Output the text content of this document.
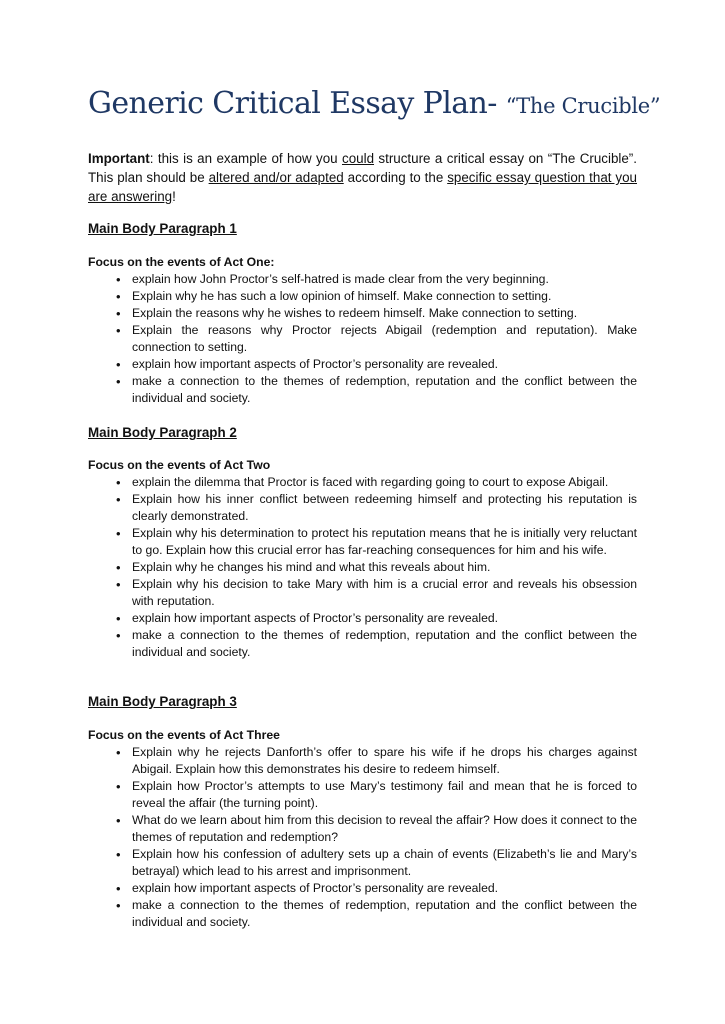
Generic Critical Essay Plan- “The Crucible”
Important: this is an example of how you could structure a critical essay on “The Crucible”. This plan should be altered and/or adapted according to the specific essay question that you are answering!
Main Body Paragraph 1
Focus on the events of Act One:
• explain how John Proctor’s self-hatred is made clear from the very beginning.
• Explain why he has such a low opinion of himself. Make connection to setting.
• Explain the reasons why he wishes to redeem himself. Make connection to setting.
• Explain the reasons why Proctor rejects Abigail (redemption and reputation). Make connection to setting.
• explain how important aspects of Proctor’s personality are revealed.
• make a connection to the themes of redemption, reputation and the conflict between the individual and society.
Main Body Paragraph 2
Focus on the events of Act Two
• explain the dilemma that Proctor is faced with regarding going to court to expose Abigail.
• Explain how his inner conflict between redeeming himself and protecting his reputation is clearly demonstrated.
• Explain why his determination to protect his reputation means that he is initially very reluctant to go. Explain how this crucial error has far-reaching consequences for him and his wife.
• Explain why he changes his mind and what this reveals about him.
• Explain why his decision to take Mary with him is a crucial error and reveals his obsession with reputation.
• explain how important aspects of Proctor’s personality are revealed.
• make a connection to the themes of redemption, reputation and the conflict between the individual and society.
Main Body Paragraph 3
Focus on the events of Act Three
• Explain why he rejects Danforth’s offer to spare his wife if he drops his charges against Abigail. Explain how this demonstrates his desire to redeem himself.
• Explain how Proctor’s attempts to use Mary’s testimony fail and mean that he is forced to reveal the affair (the turning point).
• What do we learn about him from this decision to reveal the affair? How does it connect to the themes of reputation and redemption?
• Explain how his confession of adultery sets up a chain of events (Elizabeth’s lie and Mary’s betrayal) which lead to his arrest and imprisonment.
• explain how important aspects of Proctor’s personality are revealed.
• make a connection to the themes of redemption, reputation and the conflict between the individual and society.
